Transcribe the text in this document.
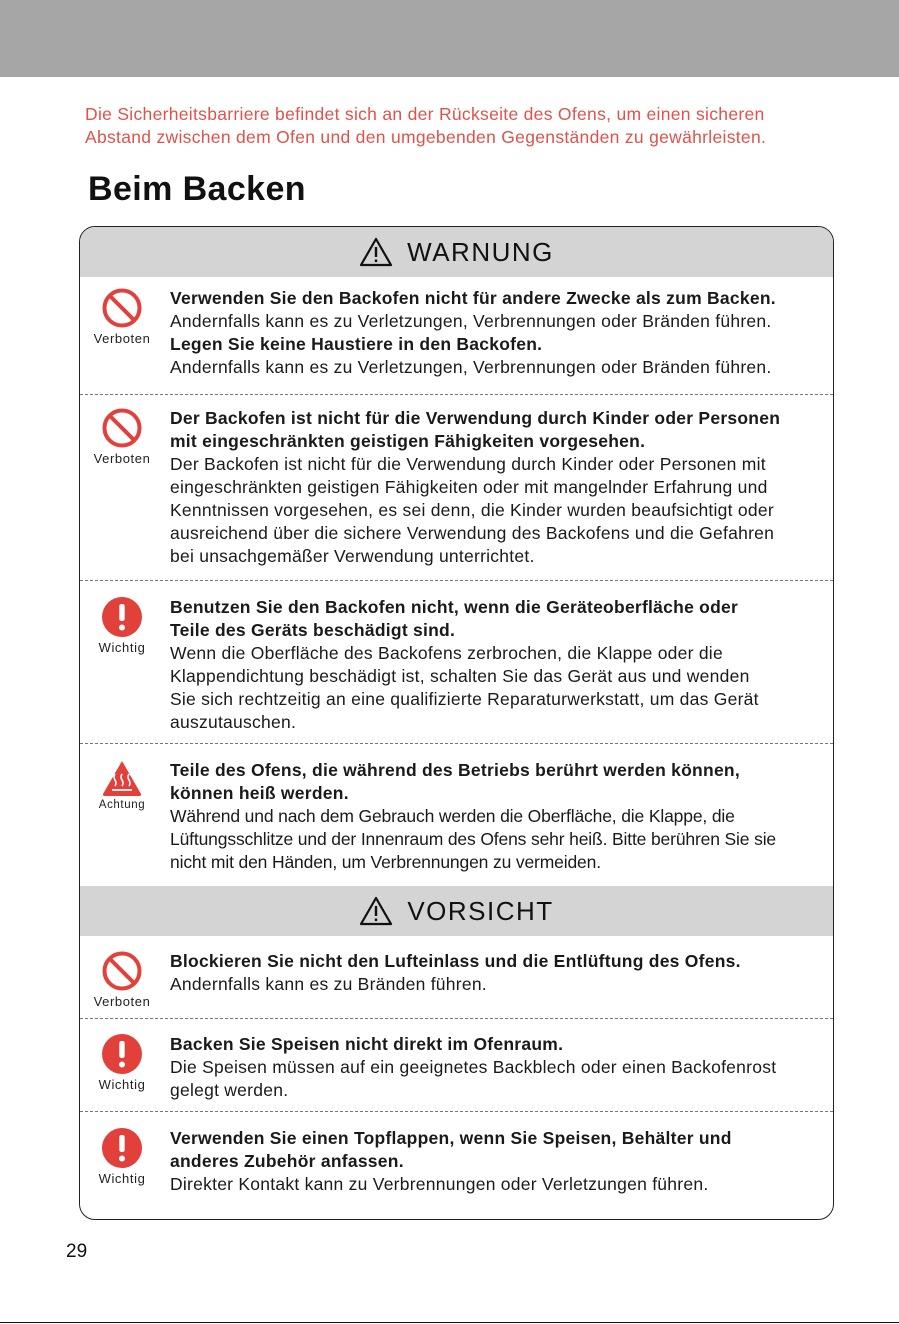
Die Sicherheitsbarriere befindet sich an der Rückseite des Ofens, um einen sicheren
Abstand zwischen dem Ofen und den umgebenden Gegenständen zu gewährleisten.
Beim Backen
WARNUNG
Verboten
Verwenden Sie den Backofen nicht für andere Zwecke als zum Backen.
Andernfalls kann es zu Verletzungen, Verbrennungen oder Bränden führen.
Legen Sie keine Haustiere in den Backofen.
Andernfalls kann es zu Verletzungen, Verbrennungen oder Bränden führen.
Verboten
Der Backofen ist nicht für die Verwendung durch Kinder oder Personen
mit eingeschränkten geistigen Fähigkeiten vorgesehen.
Der Backofen ist nicht für die Verwendung durch Kinder oder Personen mit
eingeschränkten geistigen Fähigkeiten oder mit mangelnder Erfahrung und
Kenntnissen vorgesehen, es sei denn, die Kinder wurden beaufsichtigt oder
ausreichend über die sichere Verwendung des Backofens und die Gefahren
bei unsachgemäßer Verwendung unterrichtet.
Wichtig
Benutzen Sie den Backofen nicht, wenn die Geräteoberfläche oder
Teile des Geräts beschädigt sind.
Wenn die Oberfläche des Backofens zerbrochen, die Klappe oder die
Klappendichtung beschädigt ist, schalten Sie das Gerät aus und wenden
Sie sich rechtzeitig an eine qualifizierte Reparaturwerkstatt, um das Gerät
auszutauschen.
Achtung
Teile des Ofens, die während des Betriebs berührt werden können,
können heiß werden.
Während und nach dem Gebrauch werden die Oberfläche, die Klappe, die
Lüftungsschlitze und der Innenraum des Ofens sehr heiß. Bitte berühren Sie sie
nicht mit den Händen, um Verbrennungen zu vermeiden.
VORSICHT
Verboten
Blockieren Sie nicht den Lufteinlass und die Entlüftung des Ofens.
Andernfalls kann es zu Bränden führen.
Wichtig
Backen Sie Speisen nicht direkt im Ofenraum.
Die Speisen müssen auf ein geeignetes Backblech oder einen Backofenrost
gelegt werden.
Wichtig
Verwenden Sie einen Topflappen, wenn Sie Speisen, Behälter und
anderes Zubehör anfassen.
Direkter Kontakt kann zu Verbrennungen oder Verletzungen führen.
29
